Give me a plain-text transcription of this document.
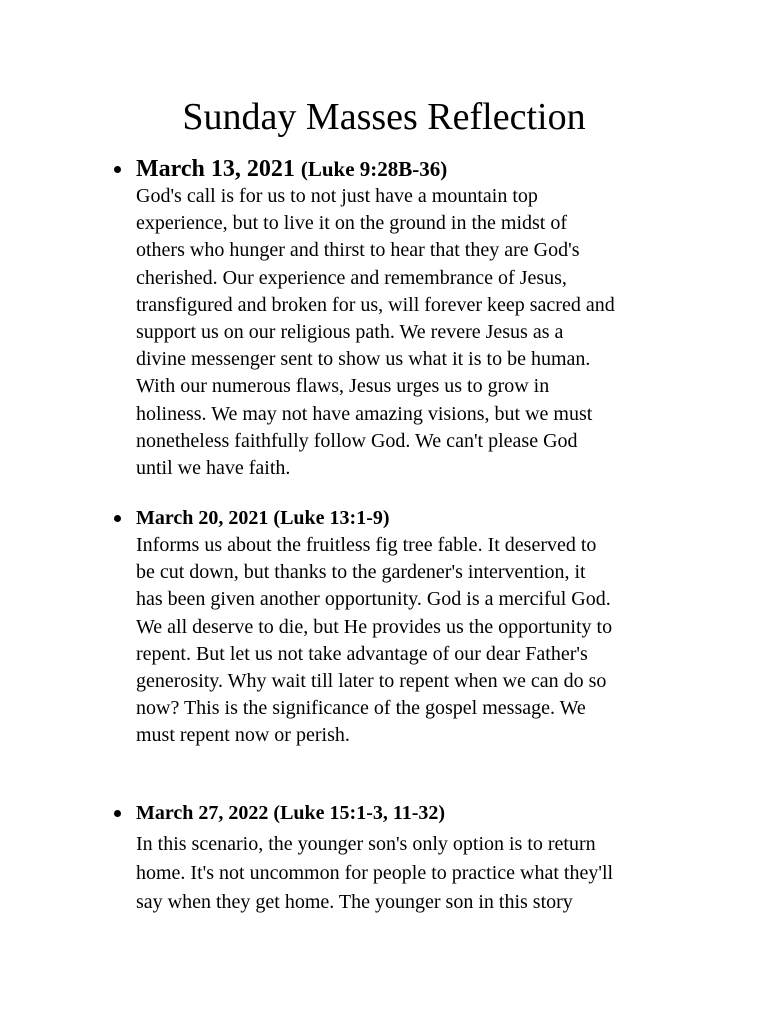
Sunday Masses Reflection
March 13, 2021 (Luke 9:28B-36)
God's call is for us to not just have a mountain top
experience, but to live it on the ground in the midst of
others who hunger and thirst to hear that they are God's
cherished. Our experience and remembrance of Jesus,
transfigured and broken for us, will forever keep sacred and
support us on our religious path. We revere Jesus as a
divine messenger sent to show us what it is to be human.
With our numerous flaws, Jesus urges us to grow in
holiness. We may not have amazing visions, but we must
nonetheless faithfully follow God. We can't please God
until we have faith.
March 20, 2021 (Luke 13:1-9)
Informs us about the fruitless fig tree fable. It deserved to
be cut down, but thanks to the gardener's intervention, it
has been given another opportunity. God is a merciful God.
We all deserve to die, but He provides us the opportunity to
repent. But let us not take advantage of our dear Father's
generosity. Why wait till later to repent when we can do so
now? This is the significance of the gospel message. We
must repent now or perish.
March 27, 2022 (Luke 15:1-3, 11-32)
In this scenario, the younger son's only option is to return
home. It's not uncommon for people to practice what they'll
say when they get home. The younger son in this story
